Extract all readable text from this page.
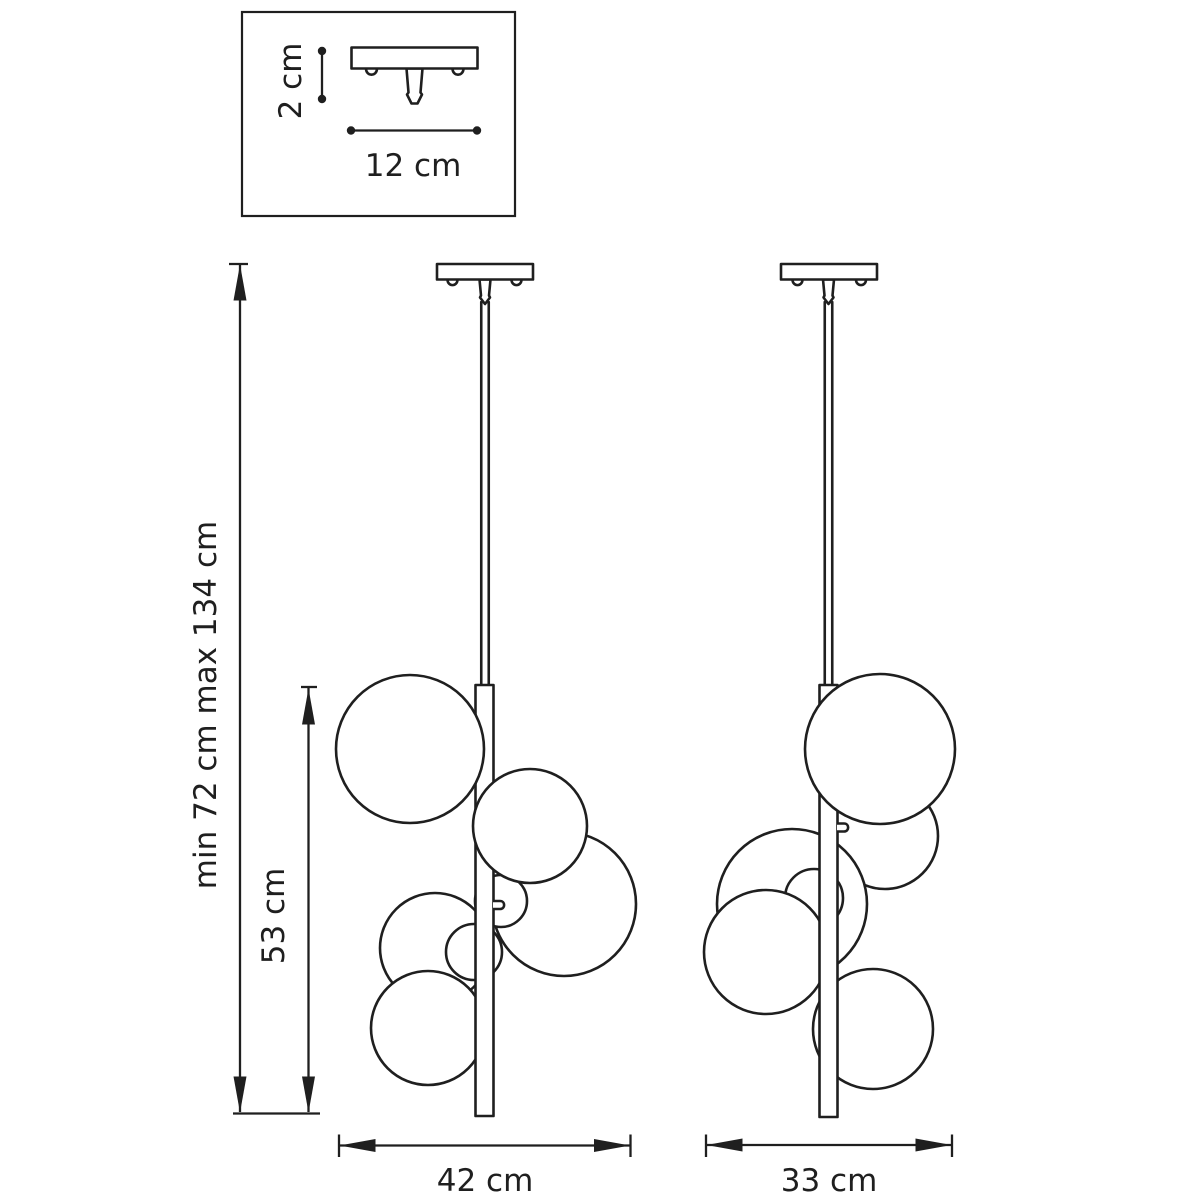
2 cm
12 cm
min 72 cm max 134 cm
53 cm
42 cm	33 cm
